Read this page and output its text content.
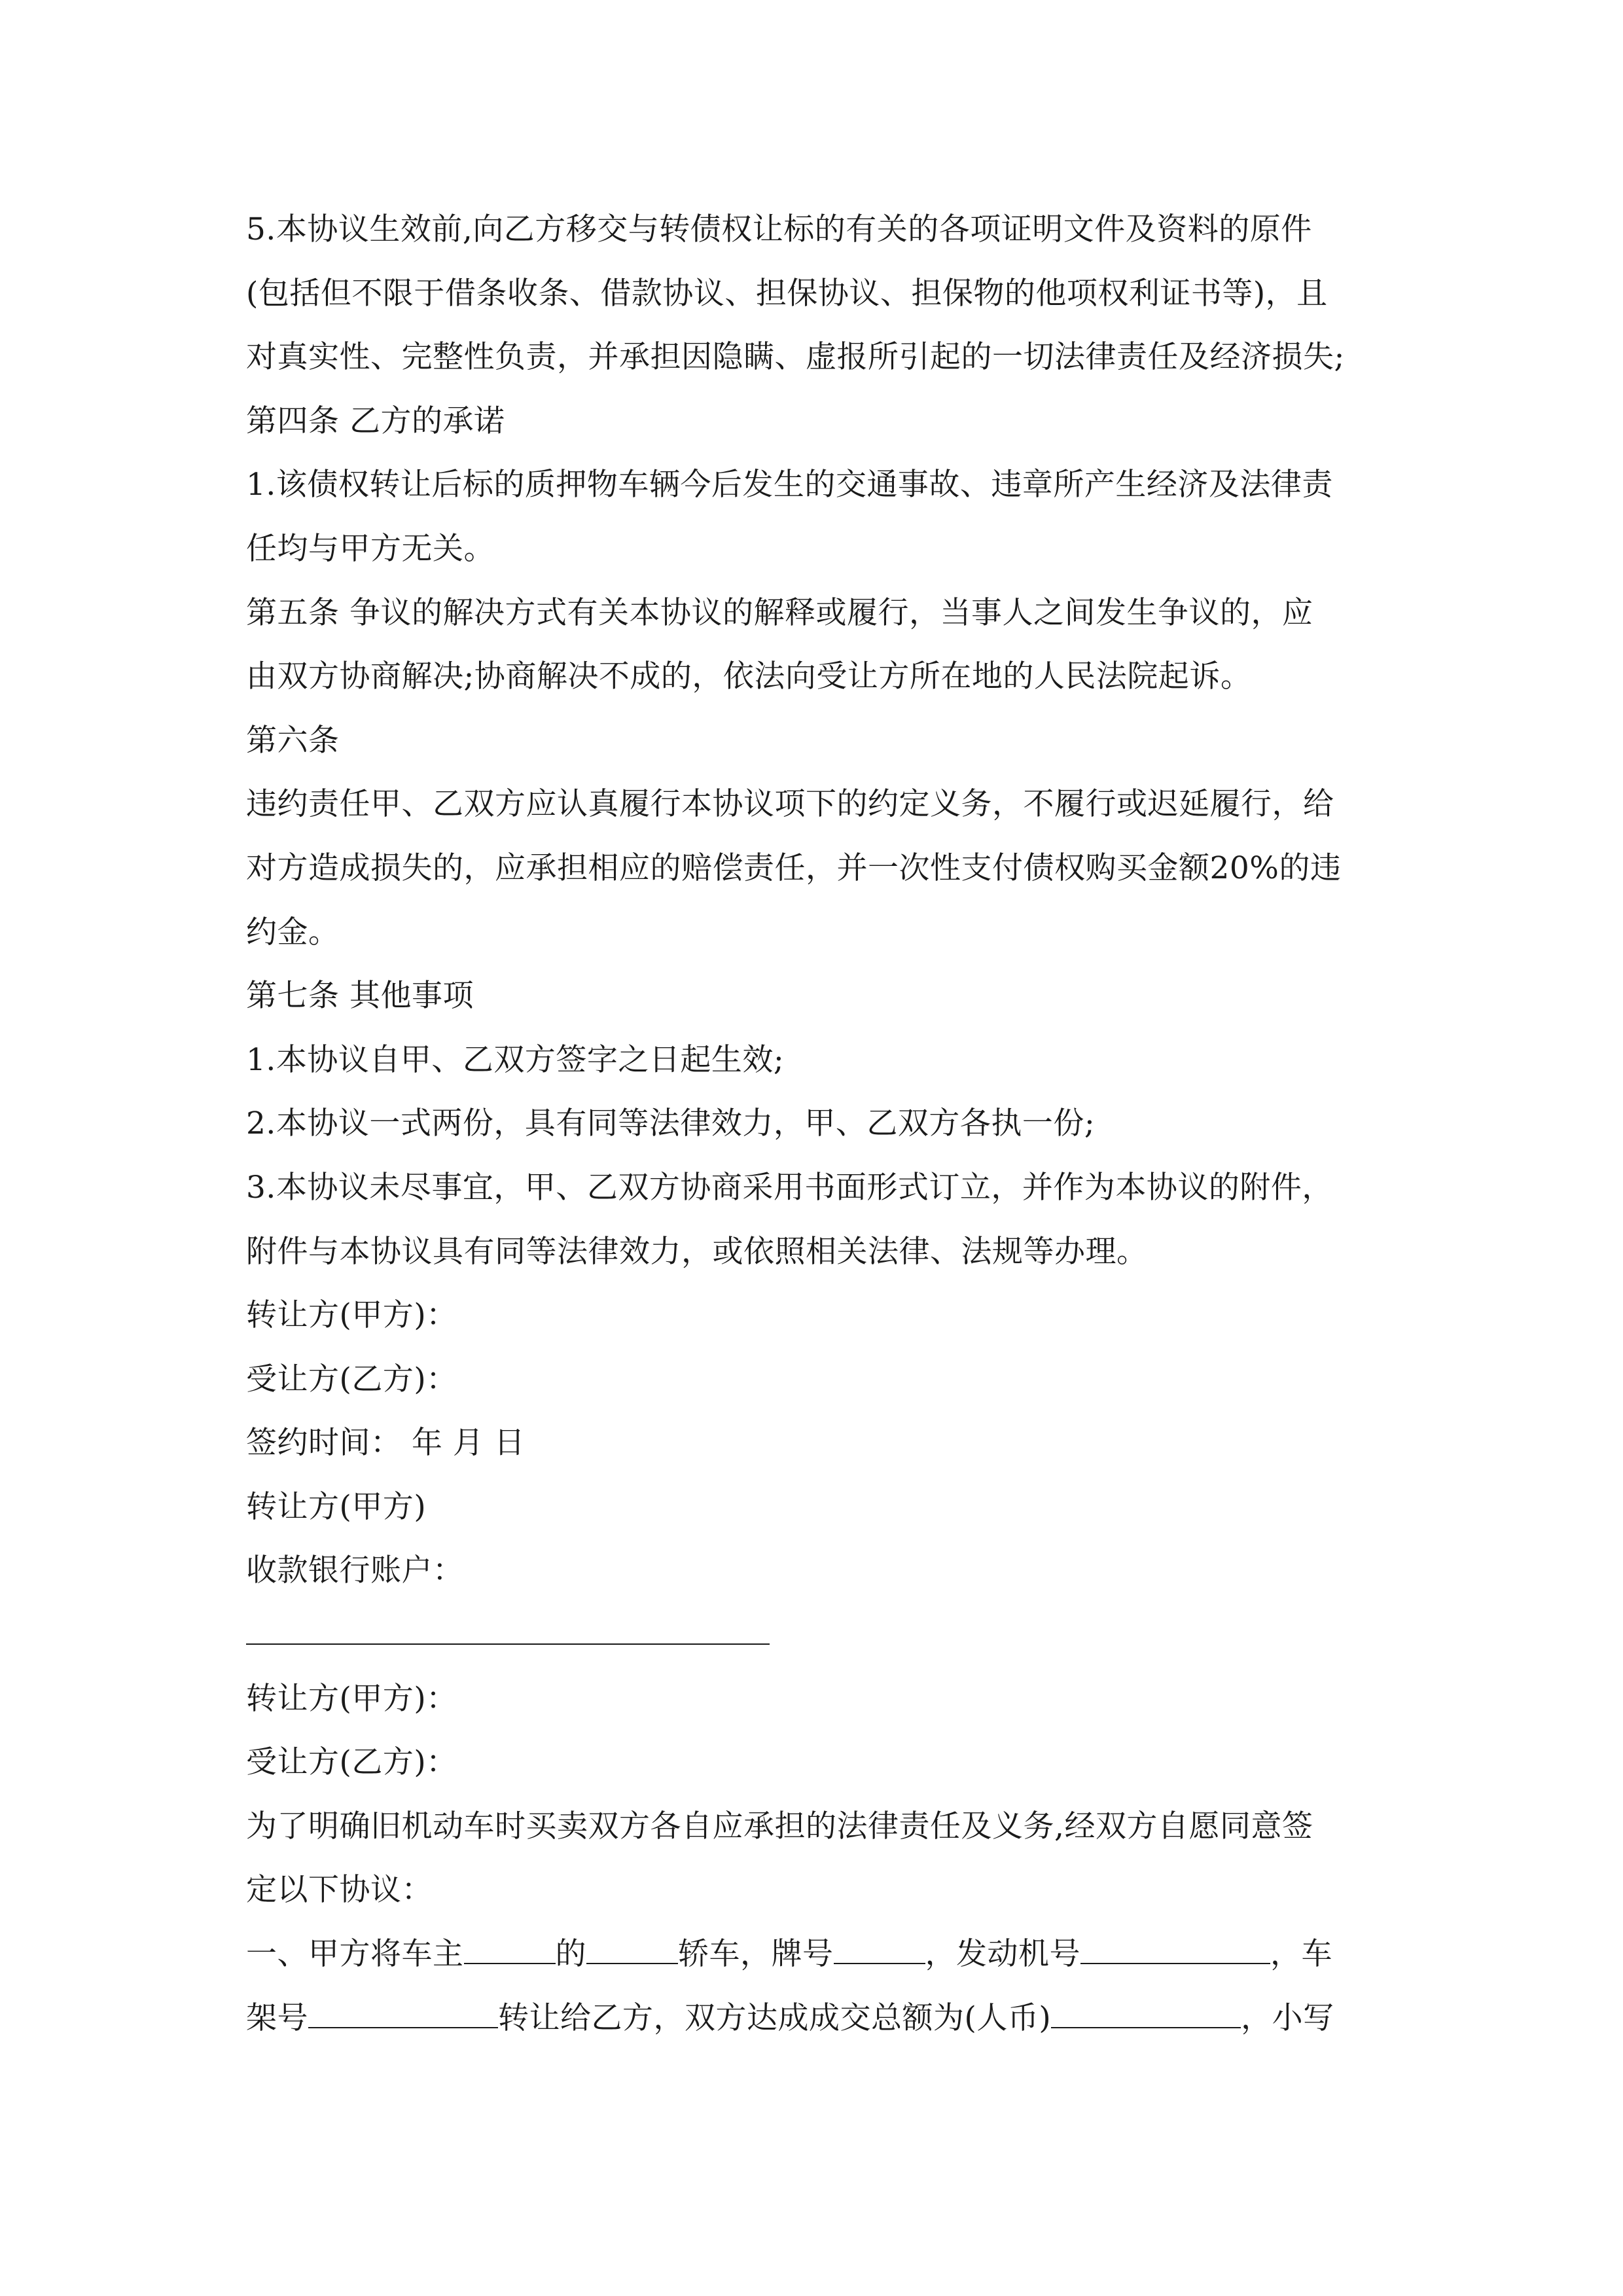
5.本协议生效前,向乙方移交与转债权让标的有关的各项证明文件及资料的原件
(包括但不限于借条收条、借款协议、担保协议、担保物的他项权利证书等)，且
对真实性、完整性负责，并承担因隐瞒、虚报所引起的一切法律责任及经济损失;
第四条 乙方的承诺
1.该债权转让后标的质押物车辆今后发生的交通事故、违章所产生经济及法律责
任均与甲方无关。
第五条 争议的解决方式有关本协议的解释或履行，当事人之间发生争议的，应
由双方协商解决;协商解决不成的，依法向受让方所在地的人民法院起诉。
第六条
违约责任甲、乙双方应认真履行本协议项下的约定义务，不履行或迟延履行，给
对方造成损失的，应承担相应的赔偿责任，并一次性支付债权购买金额20%的违
约金。
第七条 其他事项
1.本协议自甲、乙双方签字之日起生效;
2.本协议一式两份，具有同等法律效力，甲、乙双方各执一份;
3.本协议未尽事宜，甲、乙双方协商采用书面形式订立，并作为本协议的附件，
附件与本协议具有同等法律效力，或依照相关法律、法规等办理。
转让方(甲方)：
受让方(乙方)：
签约时间： 年 月 日
转让方(甲方)
收款银行账户：
转让方(甲方)：
受让方(乙方)：
为了明确旧机动车时买卖双方各自应承担的法律责任及义务,经双方自愿同意签
定以下协议：
一、甲方将车主	的	轿车，牌号	，发动机号	，车
架号	转让给乙方，双方达成成交总额为(人币)	，小写
